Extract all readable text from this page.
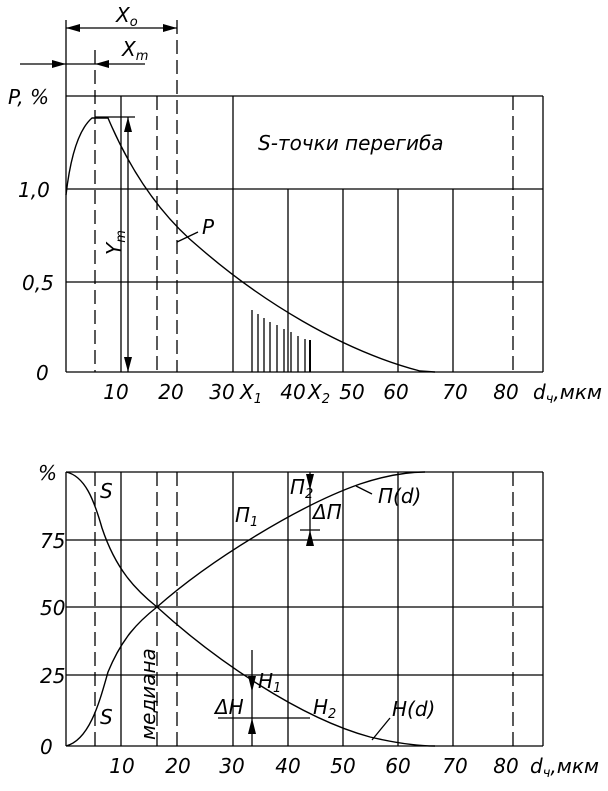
P, %
1,0
0,5
0
10 20 30 40 50 60 70 80 $d_ч,мкм$
$X_1$ $X_2$
S-точки перегиба
P
$X_o$
$X_m$
$Y_m$
%
75
50
25
0
10 20 30 40 50 60 70 80 $d_ч,мкм$
медиана
S
S
П(d)
H(d)
$П_1$
$П_2$
ΔП
$H_1$
$H_2$
ΔH
